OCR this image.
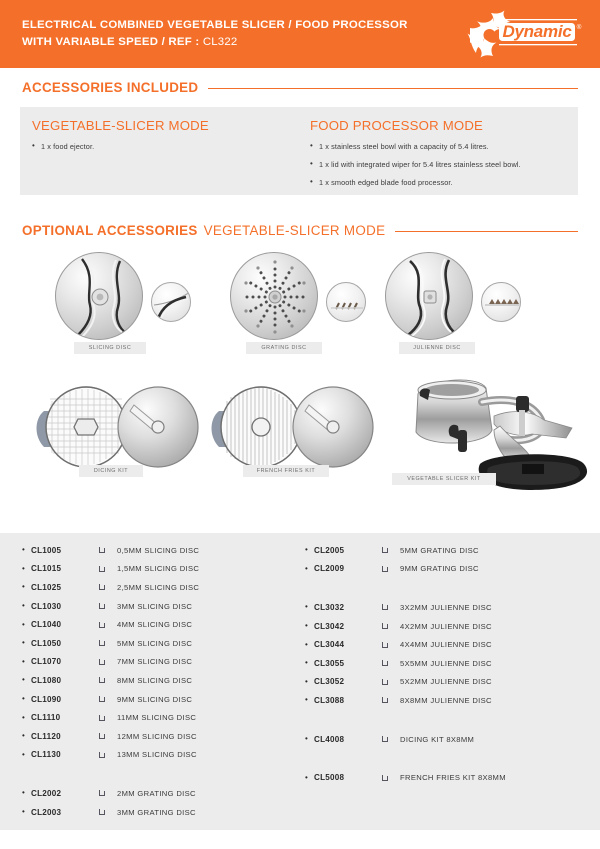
ELECTRICAL COMBINED VEGETABLE SLICER / FOOD PROCESSOR
WITH VARIABLE SPEED / REF : CL322
Dynamic ®
ACCESSORIES INCLUDED
VEGETABLE-SLICER MODE
• 1 x food ejector.
FOOD PROCESSOR MODE
• 1 x stainless steel bowl with a capacity of 5.4 litres.
• 1 x lid with integrated wiper for 5.4 litres stainless steel bowl.
• 1 x smooth edged blade food processor.
OPTIONAL ACCESSORIES VEGETABLE-SLICER MODE
SLICING DISC	GRATING DISC	JULIENNE DISC
DICING KIT	FRENCH FRIES KIT
VEGETABLE SLICER KIT
• CL1005	0,5MM SLICING DISC
• CL1015	1,5MM SLICING DISC
• CL1025	2,5MM SLICING DISC
• CL1030	3MM SLICING DISC
• CL1040	4MM SLICING DISC
• CL1050	5MM SLICING DISC
• CL1070	7MM SLICING DISC
• CL1080	8MM SLICING DISC
• CL1090	9MM SLICING DISC
• CL1110	11MM SLICING DISC
• CL1120	12MM SLICING DISC
• CL1130	13MM SLICING DISC
• CL2002	2MM GRATING DISC
• CL2003	3MM GRATING DISC
• CL2005	5MM GRATING DISC
• CL2009	9MM GRATING DISC
• CL3032	3X2MM JULIENNE DISC
• CL3042	4X2MM JULIENNE DISC
• CL3044	4X4MM JULIENNE DISC
• CL3055	5X5MM JULIENNE DISC
• CL3052	5X2MM JULIENNE DISC
• CL3088	8X8MM JULIENNE DISC
• CL4008	DICING KIT 8X8MM
• CL5008	FRENCH FRIES KIT 8X8MM
